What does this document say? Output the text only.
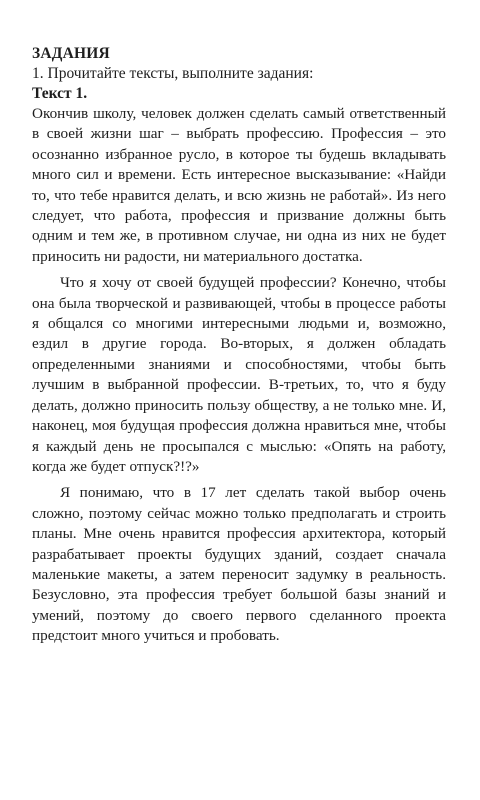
ЗАДАНИЯ
1. Прочитайте тексты, выполните задания:
Текст 1.

Окончив школу, человек должен сделать самый ответственный в своей жизни шаг – выбрать профессию. Профессия – это осознанно избранное русло, в которое ты будешь вкладывать много сил и времени. Есть интересное высказывание: «Найди то, что тебе нравится делать, и всю жизнь не работай». Из него следует, что работа, профессия и призвание должны быть одним и тем же, в противном случае, ни одна из них не будет приносить ни радости, ни материального достатка.

Что я хочу от своей будущей профессии? Конечно, чтобы она была творческой и развивающей, чтобы в процессе работы я общался со многими интересными людьми и, возможно, ездил в другие города. Во-вторых, я должен обладать определенными знаниями и способностями, чтобы быть лучшим в выбранной профессии. В-третьих, то, что я буду делать, должно приносить пользу обществу, а не только мне. И, наконец, моя будущая профессия должна нравиться мне, чтобы я каждый день не просыпался с мыслью: «Опять на работу, когда же будет отпуск?!?»

Я понимаю, что в 17 лет сделать такой выбор очень сложно, поэтому сейчас можно только предполагать и строить планы. Мне очень нравится профессия архитектора, который разрабатывает проекты будущих зданий, создает сначала маленькие макеты, а затем переносит задумку в реальность. Безусловно, эта профессия требует большой базы знаний и умений, поэтому до своего первого сделанного проекта предстоит много учиться и пробовать.
